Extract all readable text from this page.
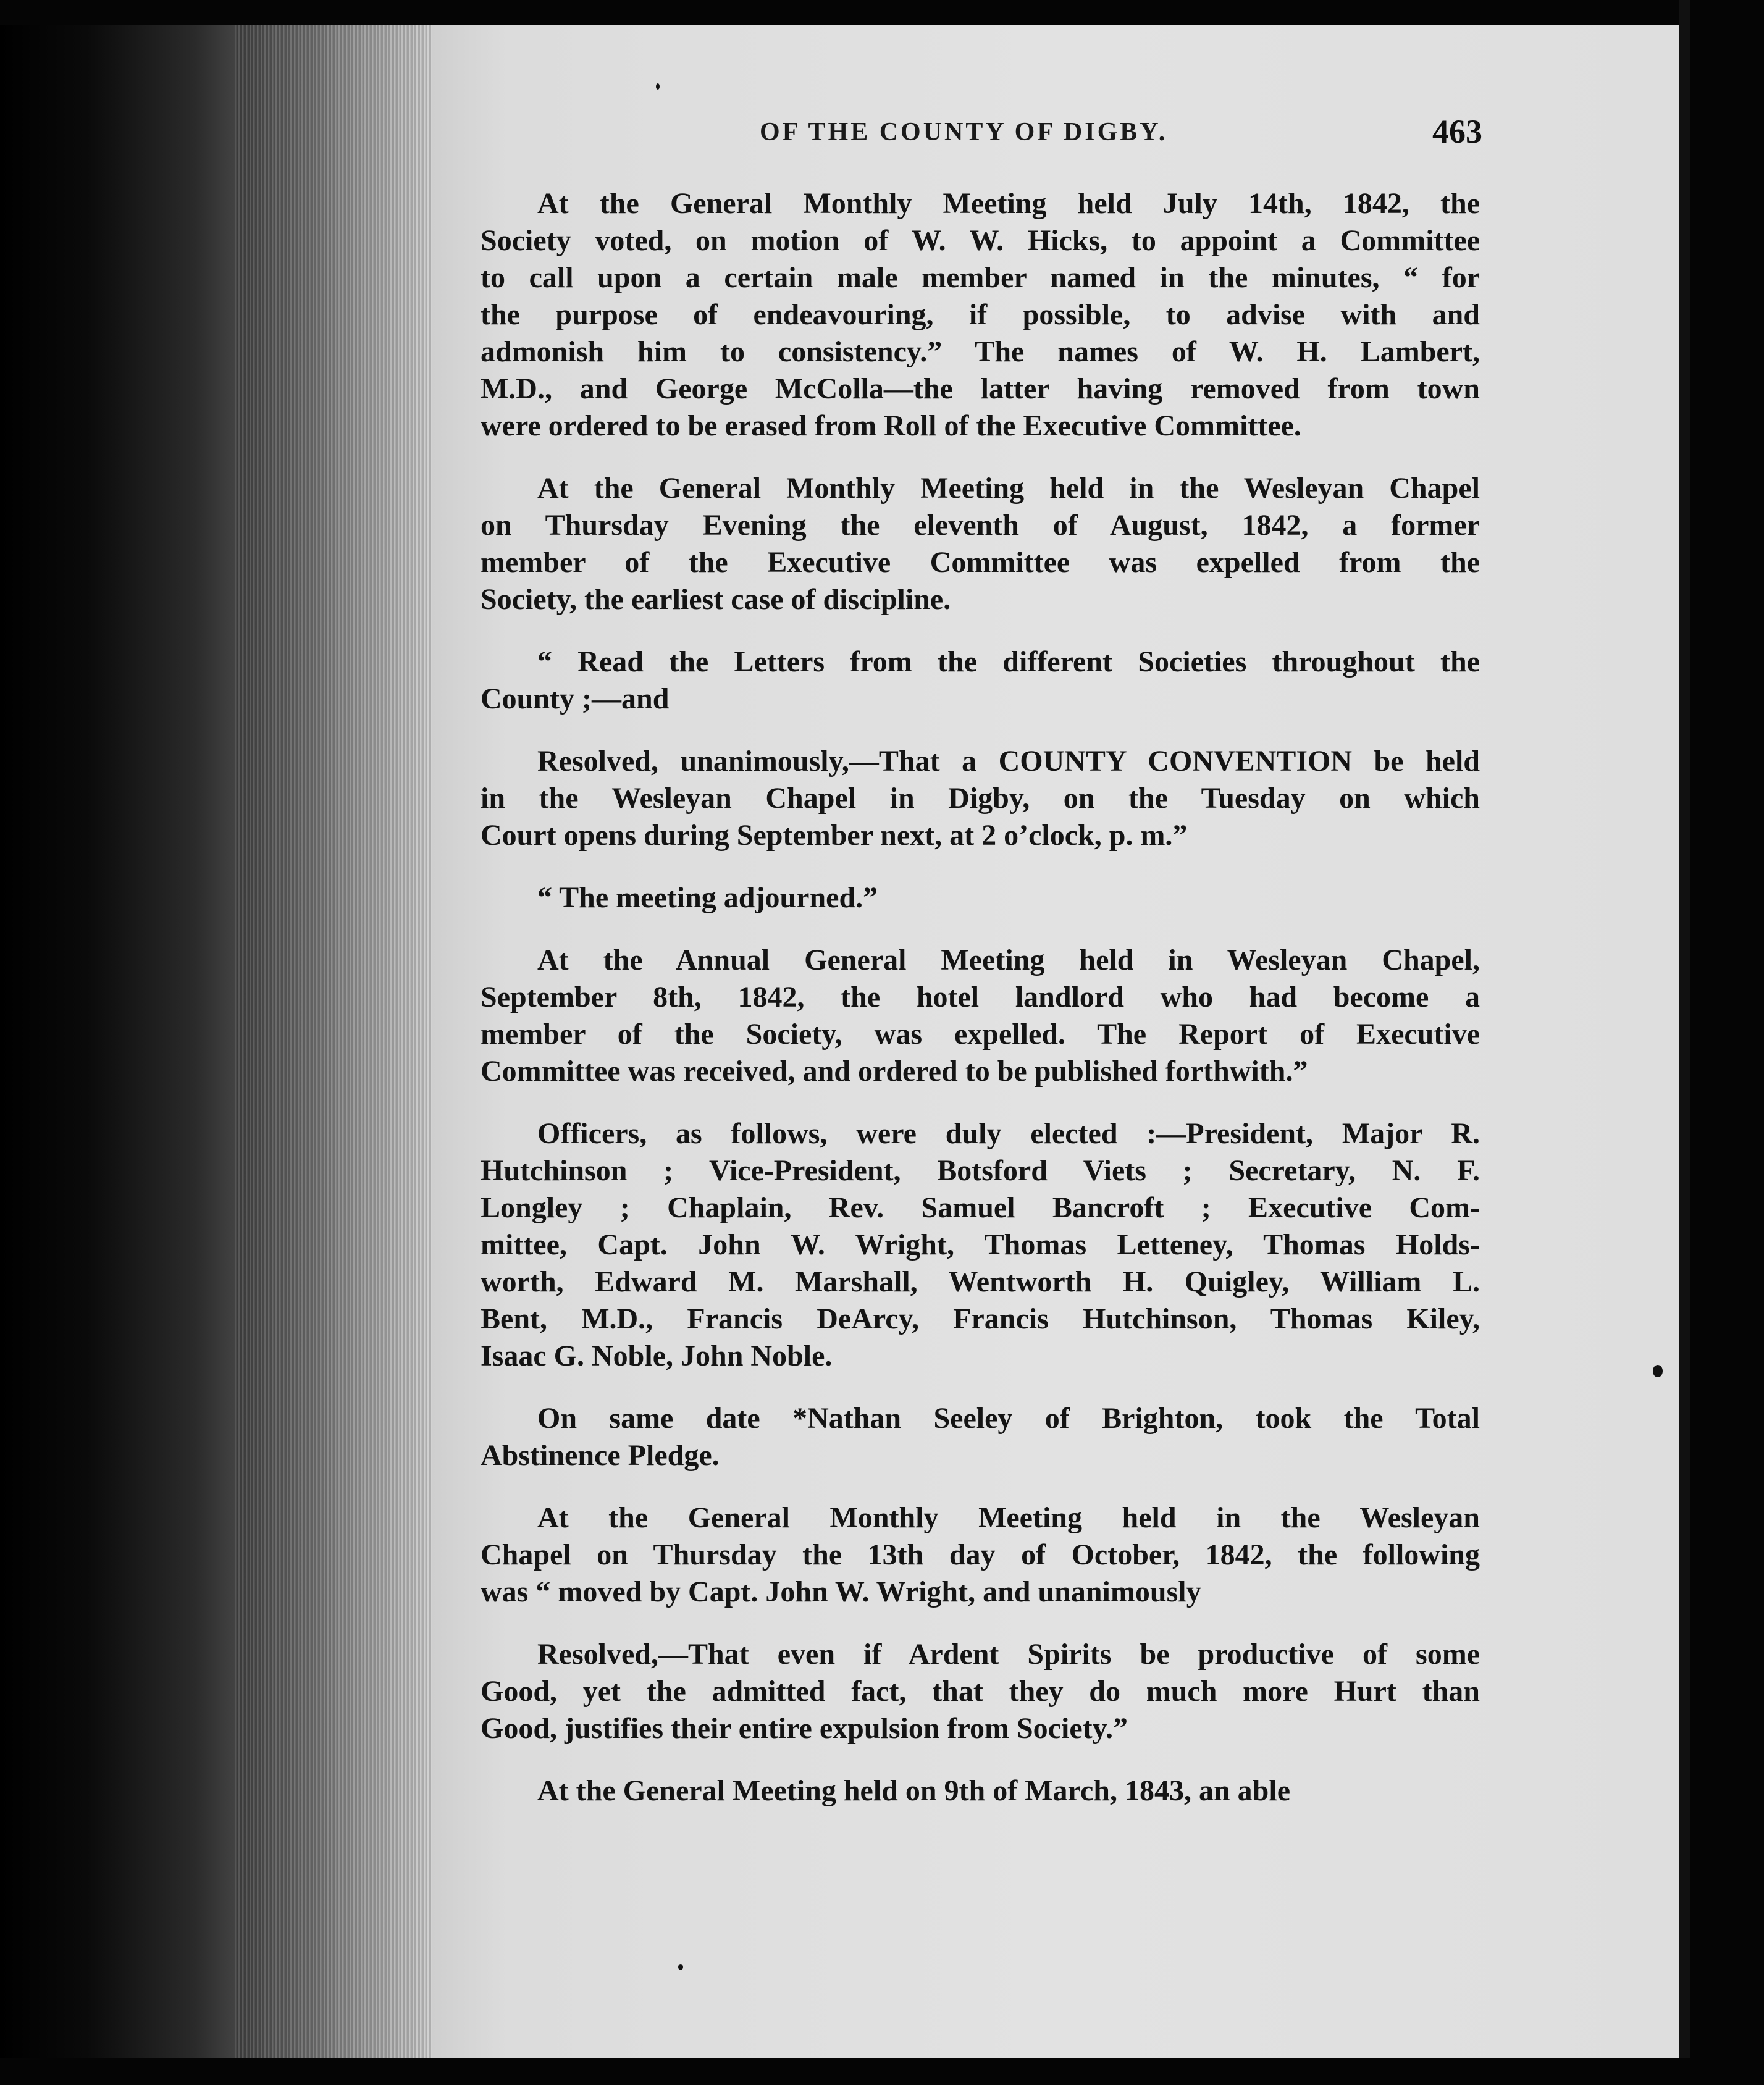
OF THE COUNTY OF DIGBY.	463
At the General Monthly Meeting held July 14th, 1842, the
Society voted, on motion of W. W. Hicks, to appoint a Committee
to call upon a certain male member named in the minutes, “ for
the purpose of endeavouring, if possible, to advise with and
admonish him to consistency.” The names of W. H. Lambert,
M.D., and George McColla—the latter having removed from town
were ordered to be erased from Roll of the Executive Committee.
At the General Monthly Meeting held in the Wesleyan Chapel
on Thursday Evening the eleventh of August, 1842, a former
member of the Executive Committee was expelled from the
Society, the earliest case of discipline.
“ Read the Letters from the different Societies throughout the
County ;—and
Resolved, unanimously,—That a COUNTY CONVENTION be held
in the Wesleyan Chapel in Digby, on the Tuesday on which
Court opens during September next, at 2 o’clock, p. m.”
“ The meeting adjourned.”
At the Annual General Meeting held in Wesleyan Chapel,
September 8th, 1842, the hotel landlord who had become a
member of the Society, was expelled. The Report of Executive
Committee was received, and ordered to be published forthwith.”
Officers, as follows, were duly elected :—President, Major R.
Hutchinson ; Vice-President, Botsford Viets ; Secretary, N. F.
Longley ; Chaplain, Rev. Samuel Bancroft ; Executive Com-
mittee, Capt. John W. Wright, Thomas Letteney, Thomas Holds-
worth, Edward M. Marshall, Wentworth H. Quigley, William L.
Bent, M.D., Francis DeArcy, Francis Hutchinson, Thomas Kiley,
Isaac G. Noble, John Noble.
On same date *Nathan Seeley of Brighton, took the Total
Abstinence Pledge.
At the General Monthly Meeting held in the Wesleyan
Chapel on Thursday the 13th day of October, 1842, the following
was “ moved by Capt. John W. Wright, and unanimously
Resolved,—That even if Ardent Spirits be productive of some
Good, yet the admitted fact, that they do much more Hurt than
Good, justifies their entire expulsion from Society.”
At the General Meeting held on 9th of March, 1843, an able
